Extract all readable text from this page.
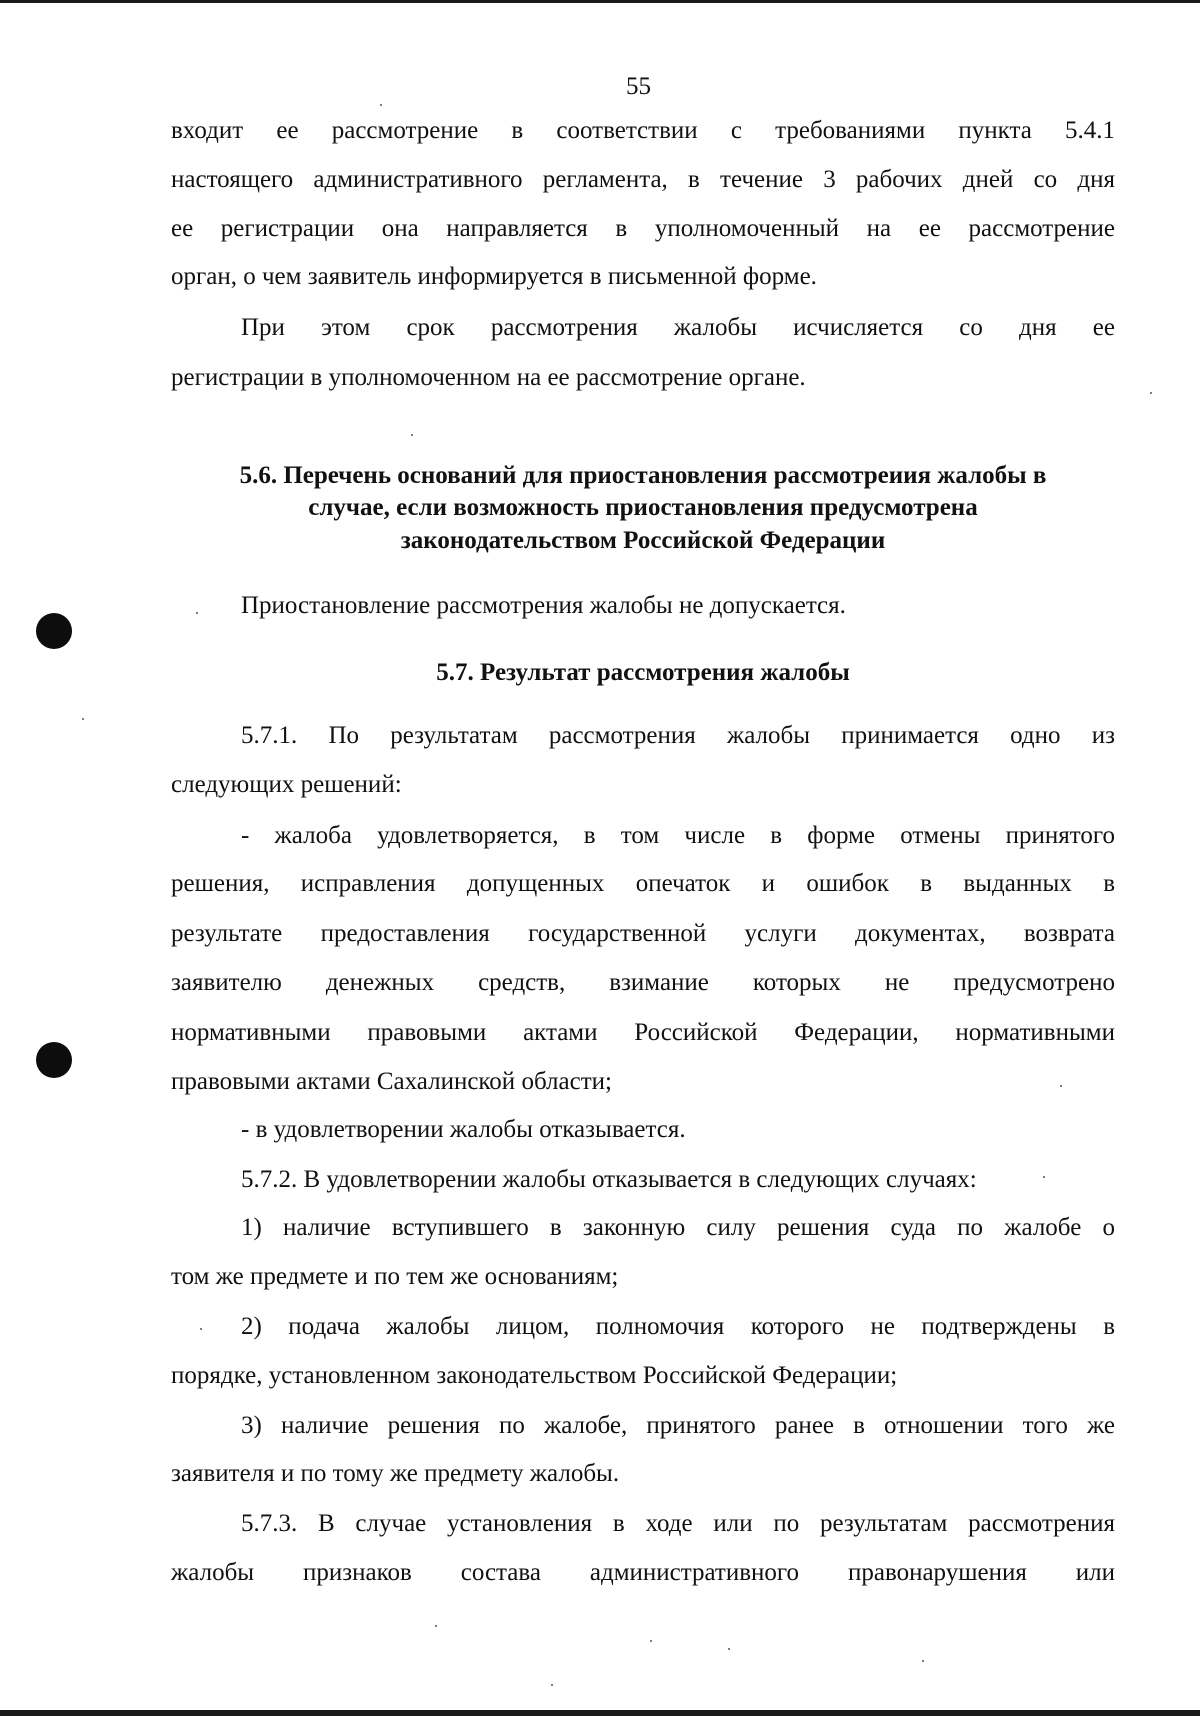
55
входит ее рассмотрение в соответствии с требованиями пункта 5.4.1
настоящего административного регламента, в течение 3 рабочих дней со дня
ее регистрации она направляется в уполномоченный на ее рассмотрение
орган, о чем заявитель информируется в письменной форме.
При этом срок рассмотрения жалобы исчисляется со дня ее
регистрации в уполномоченном на ее рассмотрение органе.
5.6. Перечень оснований для приостановления рассмотреиия жалобы в
случае, если возможность приостановления предусмотрена
законодательством Российской Федерации
Приостановление рассмотрения жалобы не допускается.
5.7. Результат рассмотрения жалобы
5.7.1. По результатам рассмотрения жалобы принимается одно из
следующих решений:
- жалоба удовлетворяется, в том числе в форме отмены принятого
решения, исправления допущенных опечаток и ошибок в выданных в
результате предоставления государственной услуги документах, возврата
заявителю денежных средств, взимание которых не предусмотрено
нормативными правовыми актами Российской Федерации, нормативными
правовыми актами Сахалинской области;
- в удовлетворении жалобы отказывается.
5.7.2. В удовлетворении жалобы отказывается в следующих случаях:
1) наличие вступившего в законную силу решения суда по жалобе о
том же предмете и по тем же основаниям;
2) подача жалобы лицом, полномочия которого не подтверждены в
порядке, установленном законодательством Российской Федерации;
3) наличие решения по жалобе, принятого ранее в отношении того же
заявителя и по тому же предмету жалобы.
5.7.3. В случае установления в ходе или по результатам рассмотрения
жалобы признаков состава административного правонарушения или
